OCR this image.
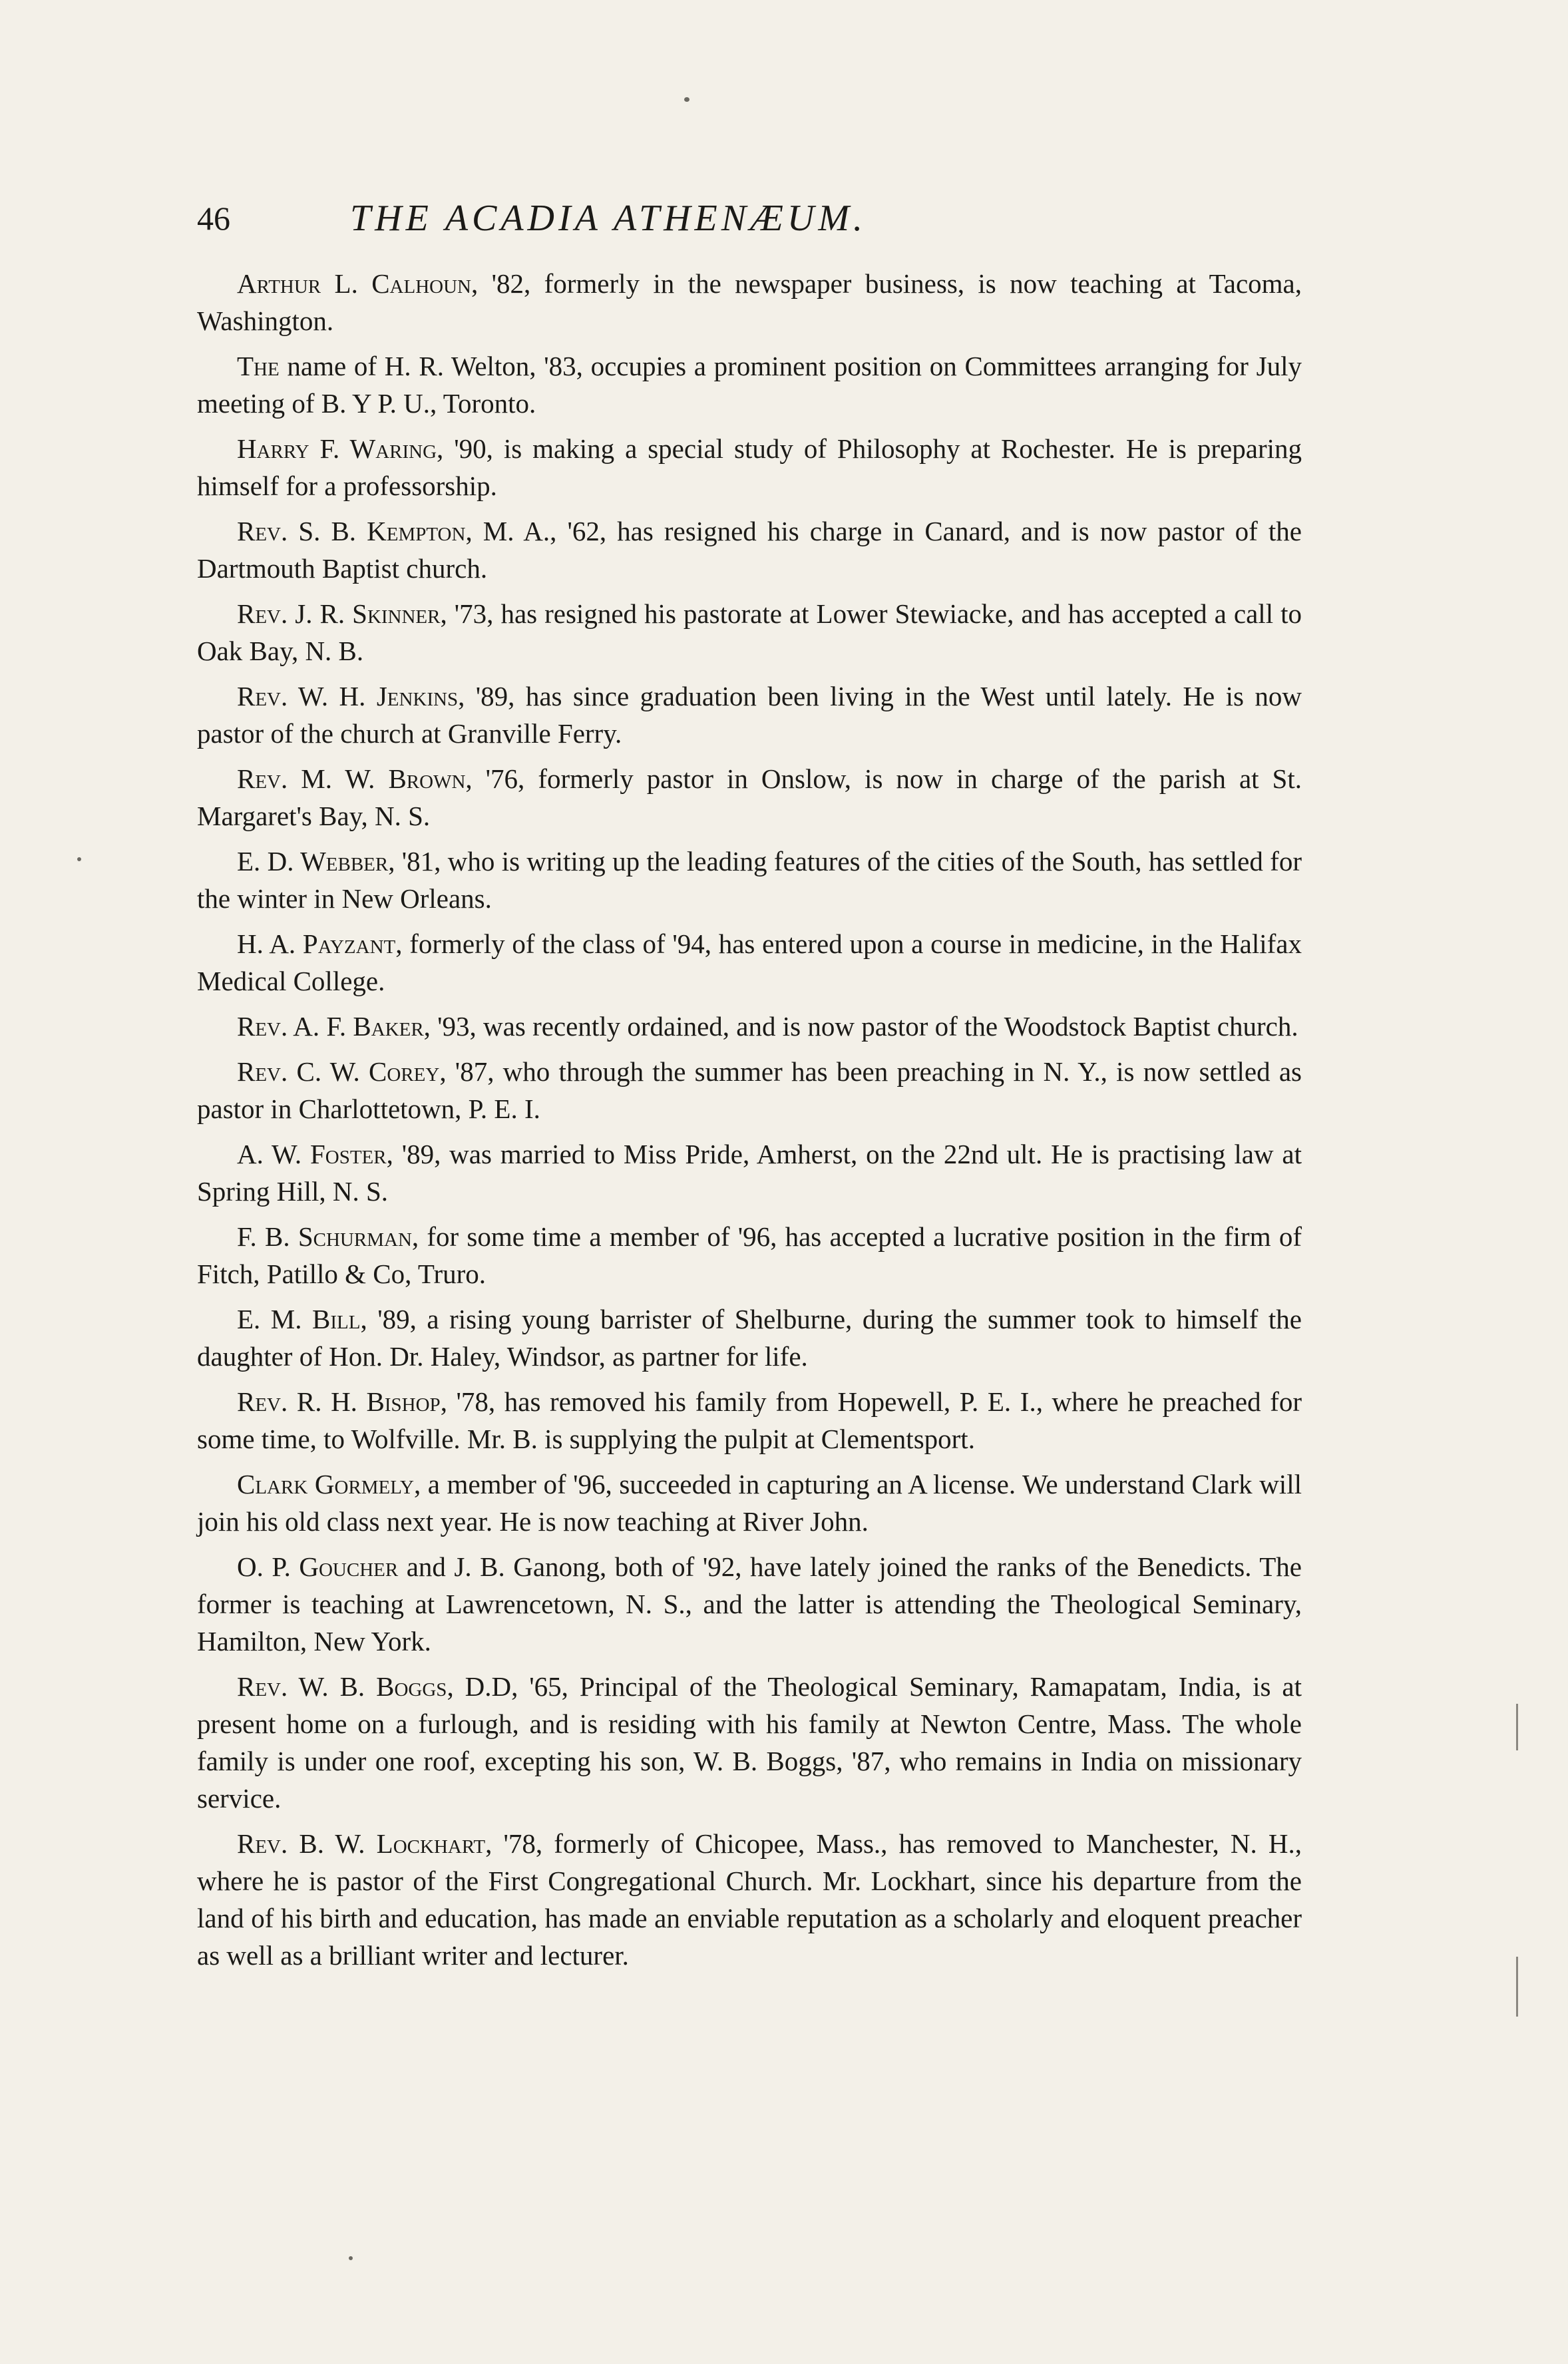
46	THE ACADIA ATHENÆUM.

Arthur L. Calhoun, '82, formerly in the newspaper business, is now teaching at Tacoma, Washington.

The name of H. R. Welton, '83, occupies a prominent position on Committees arranging for July meeting of B. Y P. U., Toronto.

Harry F. Waring, '90, is making a special study of Philosophy at Rochester. He is preparing himself for a professorship.

Rev. S. B. Kempton, M. A., '62, has resigned his charge in Canard, and is now pastor of the Dartmouth Baptist church.

Rev. J. R. Skinner, '73, has resigned his pastorate at Lower Stewiacke, and has accepted a call to Oak Bay, N. B.

Rev. W. H. Jenkins, '89, has since graduation been living in the West until lately. He is now pastor of the church at Granville Ferry.

Rev. M. W. Brown, '76, formerly pastor in Onslow, is now in charge of the parish at St. Margaret's Bay, N. S.

E. D. Webber, '81, who is writing up the leading features of the cities of the South, has settled for the winter in New Orleans.

H. A. Payzant, formerly of the class of '94, has entered upon a course in medicine, in the Halifax Medical College.

Rev. A. F. Baker, '93, was recently ordained, and is now pastor of the Woodstock Baptist church.

Rev. C. W. Corey, '87, who through the summer has been preaching in N. Y., is now settled as pastor in Charlottetown, P. E. I.

A. W. Foster, '89, was married to Miss Pride, Amherst, on the 22nd ult. He is practising law at Spring Hill, N. S.

F. B. Schurman, for some time a member of '96, has accepted a lucrative position in the firm of Fitch, Patillo & Co, Truro.

E. M. Bill, '89, a rising young barrister of Shelburne, during the summer took to himself the daughter of Hon. Dr. Haley, Windsor, as partner for life.

Rev. R. H. Bishop, '78, has removed his family from Hopewell, P. E. I., where he preached for some time, to Wolfville. Mr. B. is supplying the pulpit at Clementsport.

Clark Gormely, a member of '96, succeeded in capturing an A license. We understand Clark will join his old class next year. He is now teaching at River John.

O. P. Goucher and J. B. Ganong, both of '92, have lately joined the ranks of the Benedicts. The former is teaching at Lawrencetown, N. S., and the latter is attending the Theological Seminary, Hamilton, New York.

Rev. W. B. Boggs, D.D, '65, Principal of the Theological Seminary, Ramapatam, India, is at present home on a furlough, and is residing with his family at Newton Centre, Mass. The whole family is under one roof, excepting his son, W. B. Boggs, '87, who remains in India on missionary service.

Rev. B. W. Lockhart, '78, formerly of Chicopee, Mass., has removed to Manchester, N. H., where he is pastor of the First Congregational Church. Mr. Lockhart, since his departure from the land of his birth and education, has made an enviable reputation as a scholarly and eloquent preacher as well as a brilliant writer and lecturer.
